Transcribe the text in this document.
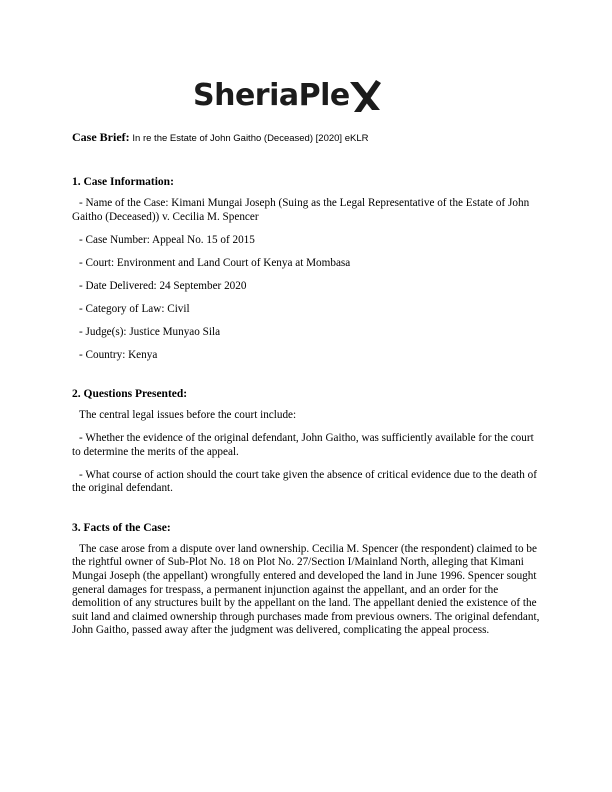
SheriaPle
Case Brief: In re the Estate of John Gaitho (Deceased) [2020] eKLR
1. Case Information:

- Name of the Case: Kimani Mungai Joseph (Suing as the Legal Representative of the Estate of John Gaitho (Deceased)) v. Cecilia M. Spencer

- Case Number: Appeal No. 15 of 2015

- Court: Environment and Land Court of Kenya at Mombasa

- Date Delivered: 24 September 2020

- Category of Law: Civil

- Judge(s): Justice Munyao Sila

- Country: Kenya

2. Questions Presented:

The central legal issues before the court include:

- Whether the evidence of the original defendant, John Gaitho, was sufficiently available for the court to determine the merits of the appeal.

- What course of action should the court take given the absence of critical evidence due to the death of the original defendant.

3. Facts of the Case:

The case arose from a dispute over land ownership. Cecilia M. Spencer (the respondent) claimed to be the rightful owner of Sub-Plot No. 18 on Plot No. 27/Section I/Mainland North, alleging that Kimani Mungai Joseph (the appellant) wrongfully entered and developed the land in June 1996. Spencer sought general damages for trespass, a permanent injunction against the appellant, and an order for the demolition of any structures built by the appellant on the land. The appellant denied the existence of the suit land and claimed ownership through purchases made from previous owners. The original defendant, John Gaitho, passed away after the judgment was delivered, complicating the appeal process.
